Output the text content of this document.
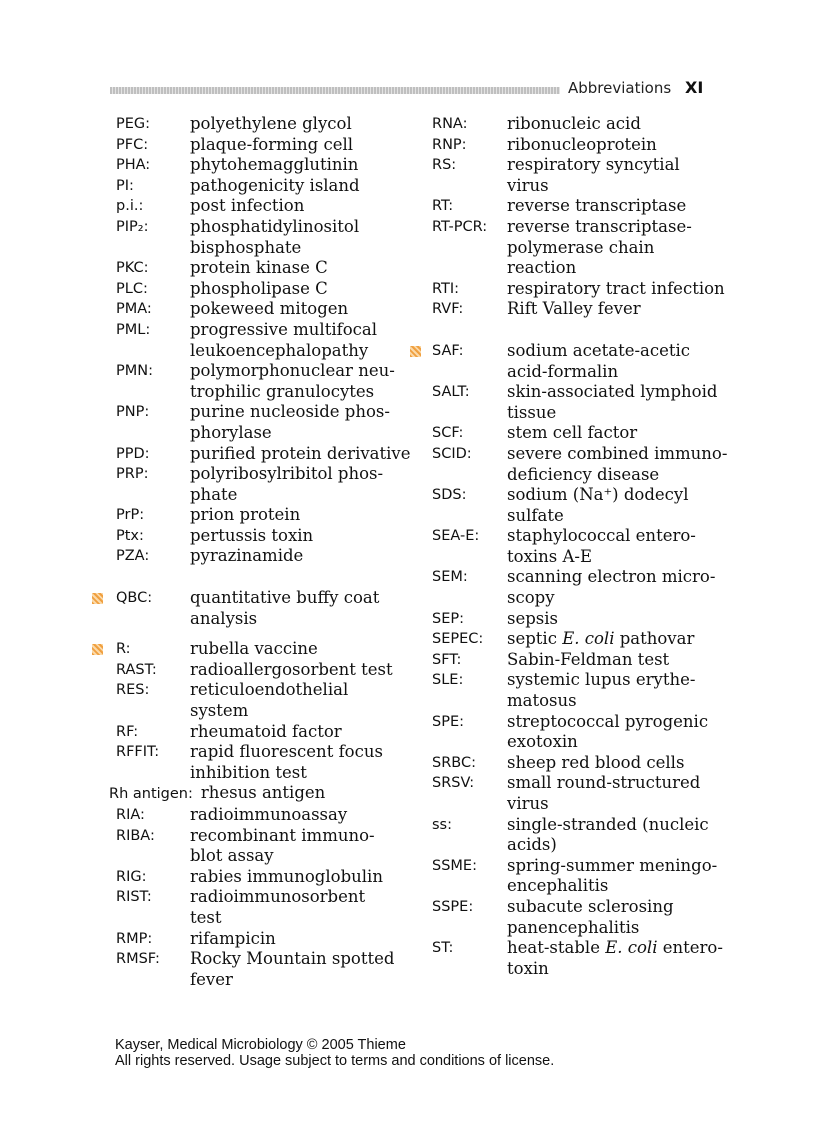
Abbreviations XI
PEG: polyethylene glycol
PFC:	plaque-forming cell
PHA: phytohemagglutinin
PI:	pathogenicity island
p.i.:	post infection
PIP₂:	phosphatidylinositol
bisphosphate
PKC:	protein kinase C
PLC:	phospholipase C
PMA: pokeweed mitogen
PML: progressive multifocal
leukoencephalopathy
PMN: polymorphonuclear neu-
trophilic granulocytes
PNP: purine nucleoside phos-
phorylase
PPD: purified protein derivative
PRP:	polyribosylribitol phos-
phate
PrP:	prion protein
Ptx:	pertussis toxin
PZA: pyrazinamide
QBC: quantitative buffy coat
analysis
R:	rubella vaccine
RAST: radioallergosorbent test
RES: reticuloendothelial
system
RF:	rheumatoid factor
RFFIT: rapid fluorescent focus
inhibition test
Rh antigen: rhesus antigen
RIA:	radioimmunoassay
RIBA: recombinant immuno-
blot assay
RIG:	rabies immunoglobulin
RIST: radioimmunosorbent
test
RMP: rifampicin
RMSF: Rocky Mountain spotted
fever
RNA: ribonucleic acid
RNP: ribonucleoprotein
RS:	respiratory syncytial
virus
RT:	reverse transcriptase
RT-PCR: reverse transcriptase-
polymerase chain
reaction
RTI:	respiratory tract infection
RVF:	Rift Valley fever
SAF:	sodium acetate-acetic
acid-formalin
SALT: skin-associated lymphoid
tissue
SCF:	stem cell factor
SCID: severe combined immuno-
deficiency disease
SDS: sodium (Na⁺) dodecyl
sulfate
SEA-E: staphylococcal entero-
toxins A-E
SEM: scanning electron micro-
scopy
SEP:	sepsis
SEPEC: septic E. coli pathovar
SFT:	Sabin-Feldman test
SLE:	systemic lupus erythe-
matosus
SPE:	streptococcal pyrogenic
exotoxin
SRBC: sheep red blood cells
SRSV: small round-structured
virus
ss:	single-stranded (nucleic
acids)
SSME: spring-summer meningo-
encephalitis
SSPE: subacute sclerosing
panencephalitis
ST:	heat-stable E. coli entero-
toxin
Kayser, Medical Microbiology © 2005 Thieme
All rights reserved. Usage subject to terms and conditions of license.
